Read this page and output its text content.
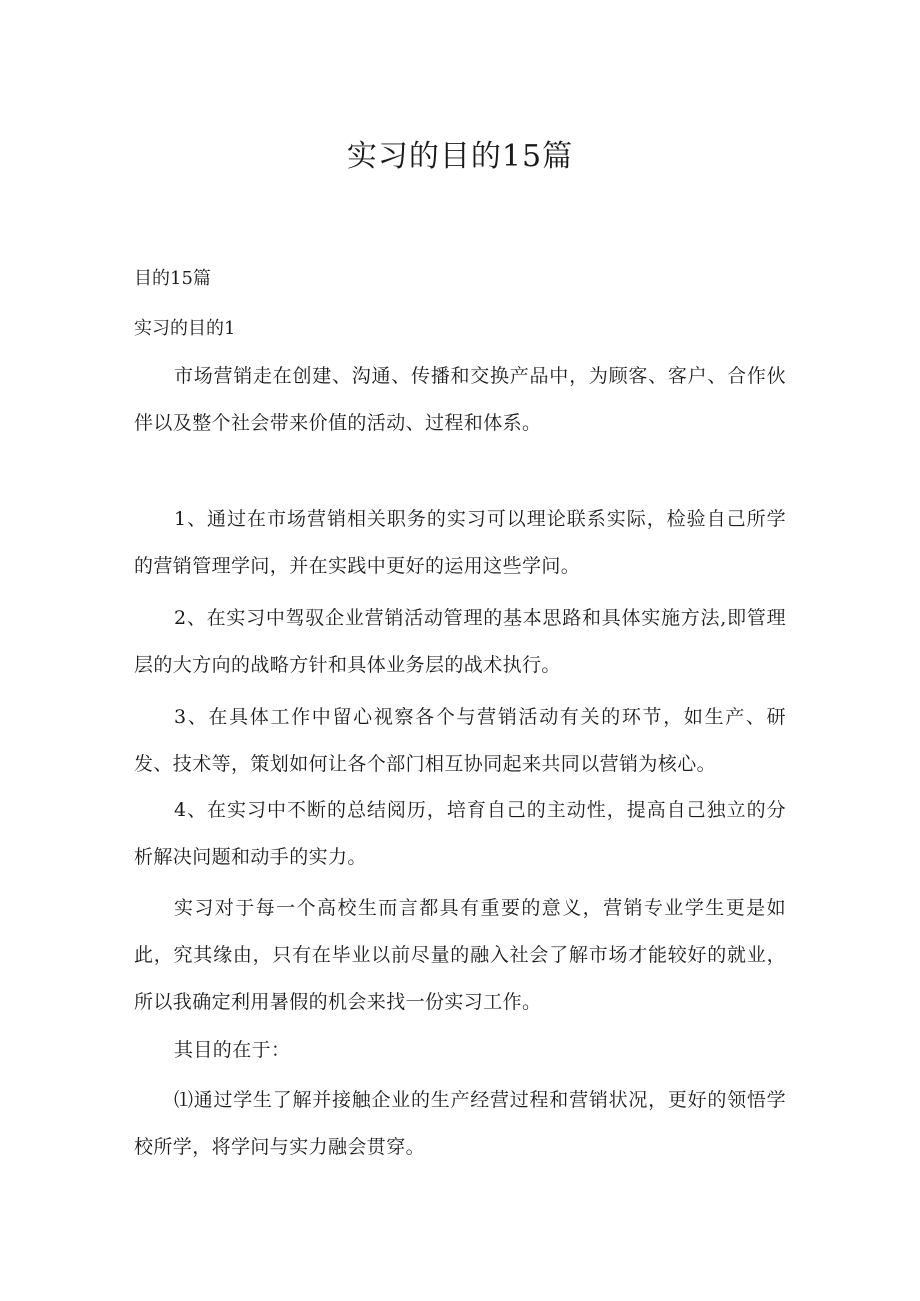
实习的目的15篇

目的15篇

实习的目的1

市场营销走在创建、沟通、传播和交换产品中，为顾客、客户、合作伙伴以及整个社会带来价值的活动、过程和体系。

1、通过在市场营销相关职务的实习可以理论联系实际，检验自己所学的营销管理学问，并在实践中更好的运用这些学问。

2、在实习中驾驭企业营销活动管理的基本思路和具体实施方法,即管理层的大方向的战略方针和具体业务层的战术执行。

3、在具体工作中留心视察各个与营销活动有关的环节，如生产、研发、技术等，策划如何让各个部门相互协同起来共同以营销为核心。

4、在实习中不断的总结阅历，培育自己的主动性，提高自己独立的分析解决问题和动手的实力。

实习对于每一个高校生而言都具有重要的意义，营销专业学生更是如此，究其缘由，只有在毕业以前尽量的融入社会了解市场才能较好的就业，所以我确定利用暑假的机会来找一份实习工作。

其目的在于：

⑴通过学生了解并接触企业的生产经营过程和营销状况，更好的领悟学校所学，将学问与实力融会贯穿。
